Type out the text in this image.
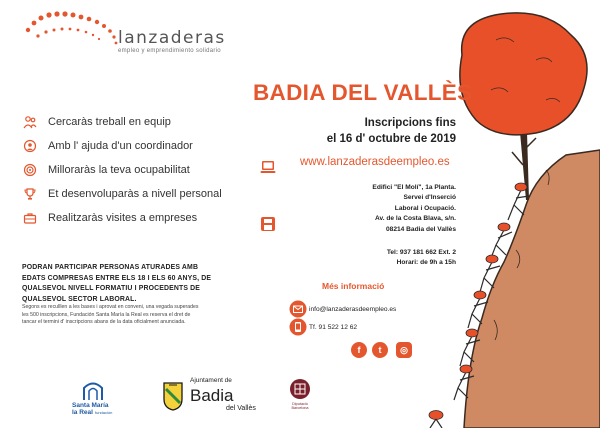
lanzaderas
empleo y emprendimiento solidario
Cercaràs treball en equip
Amb l' ajuda d'un coordinador
Milloraràs la teva ocupabilitat
Et desenvoluparàs a nivell personal
Realitzaràs visites a empreses
PODRAN PARTICIPAR PERSONAS ATURADES AMB
EDATS COMPRESAS ENTRE ELS 18 I ELS 60 ANYS, DE
QUALSEVOL NIVELL FORMATIU I PROCEDENTS DE
QUALSEVOL SECTOR LABORAL.
Segons es reculllen a les bases i aprovat en conveni, una vegada superades
les 500 inscripcions, Fundación Santa María la Real es reserva el dret de
tancar el termini d' inscripcions abans de la data oficialment anunciada.
Santa María
la Real fundación
Ajuntament de
Badia
del Vallès
Diputació
Barcelona
BADIA DEL VALLÈS
Inscripcions fins
el 16 d' octubre de 2019
www.lanzaderasdeempleo.es
Edifici "El Molí", 1a Planta.
Servei d'Inserció
Laboral i Ocupació.
Av. de la Costa Blava, s/n.
08214 Badia del Vallès
Tel: 937 181 662 Ext. 2
Horari: de 9h a 15h
Més informació
info@lanzaderasdeempleo.es
Tf. 91 522 12 62
f	t	◎
